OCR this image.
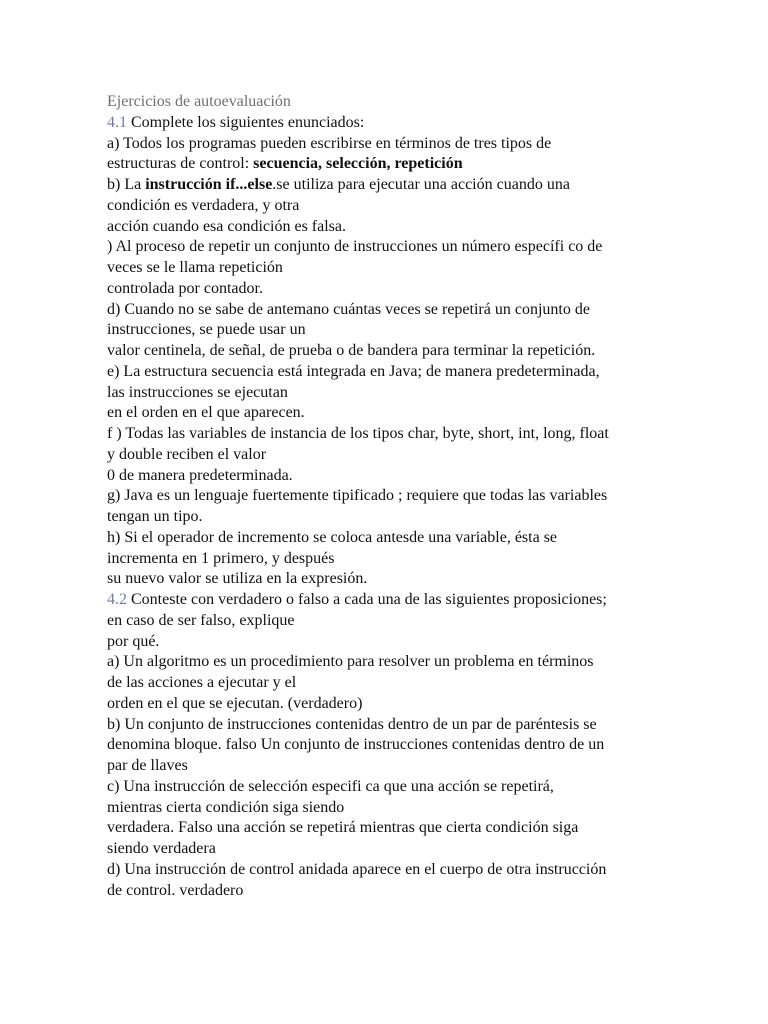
Ejercicios de autoevaluación
4.1 Complete los siguientes enunciados:
a) Todos los programas pueden escribirse en términos de tres tipos de
estructuras de control: secuencia, selección, repetición
b) La instrucción if...else.se utiliza para ejecutar una acción cuando una
condición es verdadera, y otra
acción cuando esa condición es falsa.
) Al proceso de repetir un conjunto de instrucciones un número específi co de
veces se le llama repetición
controlada por contador.
d) Cuando no se sabe de antemano cuántas veces se repetirá un conjunto de
instrucciones, se puede usar un
valor centinela, de señal, de prueba o de bandera para terminar la repetición.
e) La estructura secuencia está integrada en Java; de manera predeterminada,
las instrucciones se ejecutan
en el orden en el que aparecen.
f ) Todas las variables de instancia de los tipos char, byte, short, int, long, float
y double reciben el valor
0 de manera predeterminada.
g) Java es un lenguaje fuertemente tipificado ; requiere que todas las variables
tengan un tipo.
h) Si el operador de incremento se coloca antesde una variable, ésta se
incrementa en 1 primero, y después
su nuevo valor se utiliza en la expresión.
4.2 Conteste con verdadero o falso a cada una de las siguientes proposiciones;
en caso de ser falso, explique
por qué.
a) Un algoritmo es un procedimiento para resolver un problema en términos
de las acciones a ejecutar y el
orden en el que se ejecutan. (verdadero)
b) Un conjunto de instrucciones contenidas dentro de un par de paréntesis se
denomina bloque. falso Un conjunto de instrucciones contenidas dentro de un
par de llaves
c) Una instrucción de selección especifi ca que una acción se repetirá,
mientras cierta condición siga siendo
verdadera. Falso una acción se repetirá mientras que cierta condición siga
siendo verdadera
d) Una instrucción de control anidada aparece en el cuerpo de otra instrucción
de control. verdadero
